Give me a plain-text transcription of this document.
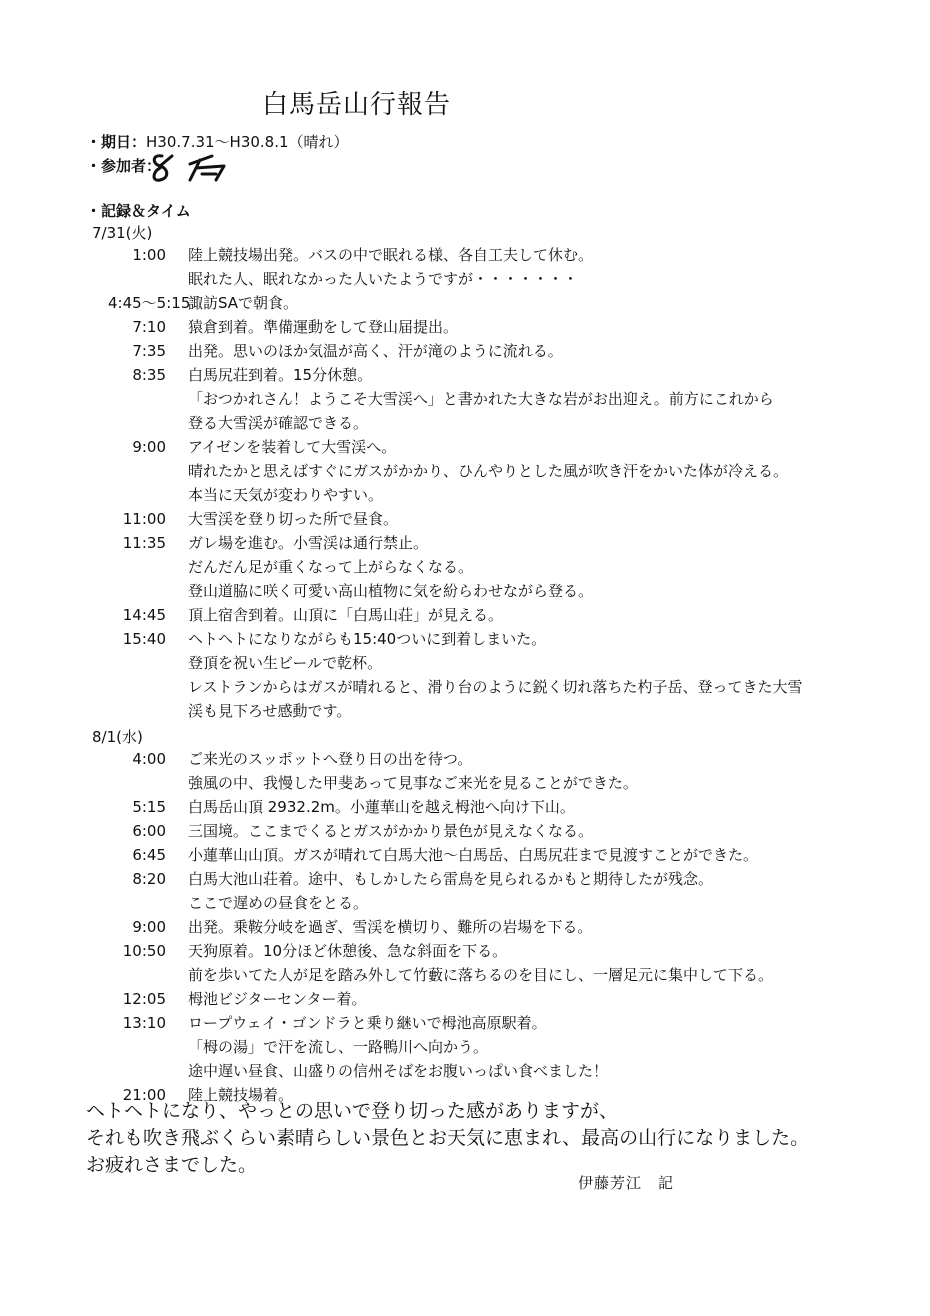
白馬岳山行報告
・期日：H30.7.31〜H30.8.1（晴れ）
・参加者：
・記録＆タイム
7/31(火)
1:00 陸上競技場出発。バスの中で眠れる様、各自工夫して休む。
眠れた人、眠れなかった人いたようですが・・・・・・・
4:45〜5:15
諏訪SAで朝食。
7:10 猿倉到着。準備運動をして登山届提出。
7:35 出発。思いのほか気温が高く、汗が滝のように流れる。
8:35 白馬尻荘到着。15分休憩。
「おつかれさん！ようこそ大雪渓へ」と書かれた大きな岩がお出迎え。前方にこれから
登る大雪渓が確認できる。
9:00 アイゼンを装着して大雪渓へ。
晴れたかと思えばすぐにガスがかかり、ひんやりとした風が吹き汗をかいた体が冷える。
本当に天気が変わりやすい。
11:00 大雪渓を登り切った所で昼食。
11:35 ガレ場を進む。小雪渓は通行禁止。
だんだん足が重くなって上がらなくなる。
登山道脇に咲く可愛い高山植物に気を紛らわせながら登る。
14:45 頂上宿舎到着。山頂に「白馬山荘」が見える。
15:40 ヘトヘトになりながらも15:40ついに到着しまいた。
登頂を祝い生ビールで乾杯。
レストランからはガスが晴れると、滑り台のように鋭く切れ落ちた杓子岳、登ってきた大雪
渓も見下ろせ感動です。
8/1(水)
4:00 ご来光のスッポットへ登り日の出を待つ。
強風の中、我慢した甲斐あって見事なご来光を見ることができた。
5:15 白馬岳山頂 2932.2m。小蓮華山を越え栂池へ向け下山。
6:00 三国境。ここまでくるとガスがかかり景色が見えなくなる。
6:45 小蓮華山山頂。ガスが晴れて白馬大池〜白馬岳、白馬尻荘まで見渡すことができた。
8:20 白馬大池山荘着。途中、もしかしたら雷鳥を見られるかもと期待したが残念。
ここで遅めの昼食をとる。
9:00 出発。乗鞍分岐を過ぎ、雪渓を横切り、難所の岩場を下る。
10:50 天狗原着。10分ほど休憩後、急な斜面を下る。
前を歩いてた人が足を踏み外して竹藪に落ちるのを目にし、一層足元に集中して下る。
12:05 栂池ビジターセンター着。
13:10 ロープウェイ・ゴンドラと乗り継いで栂池高原駅着。
「栂の湯」で汗を流し、一路鴨川へ向かう。
途中遅い昼食、山盛りの信州そばをお腹いっぱい食べました！
21:00 陸上競技場着。
ヘトヘトになり、やっとの思いで登り切った感がありますが、
それも吹き飛ぶくらい素晴らしい景色とお天気に恵まれ、最高の山行になりました。
お疲れさまでした。
伊藤芳江　記
